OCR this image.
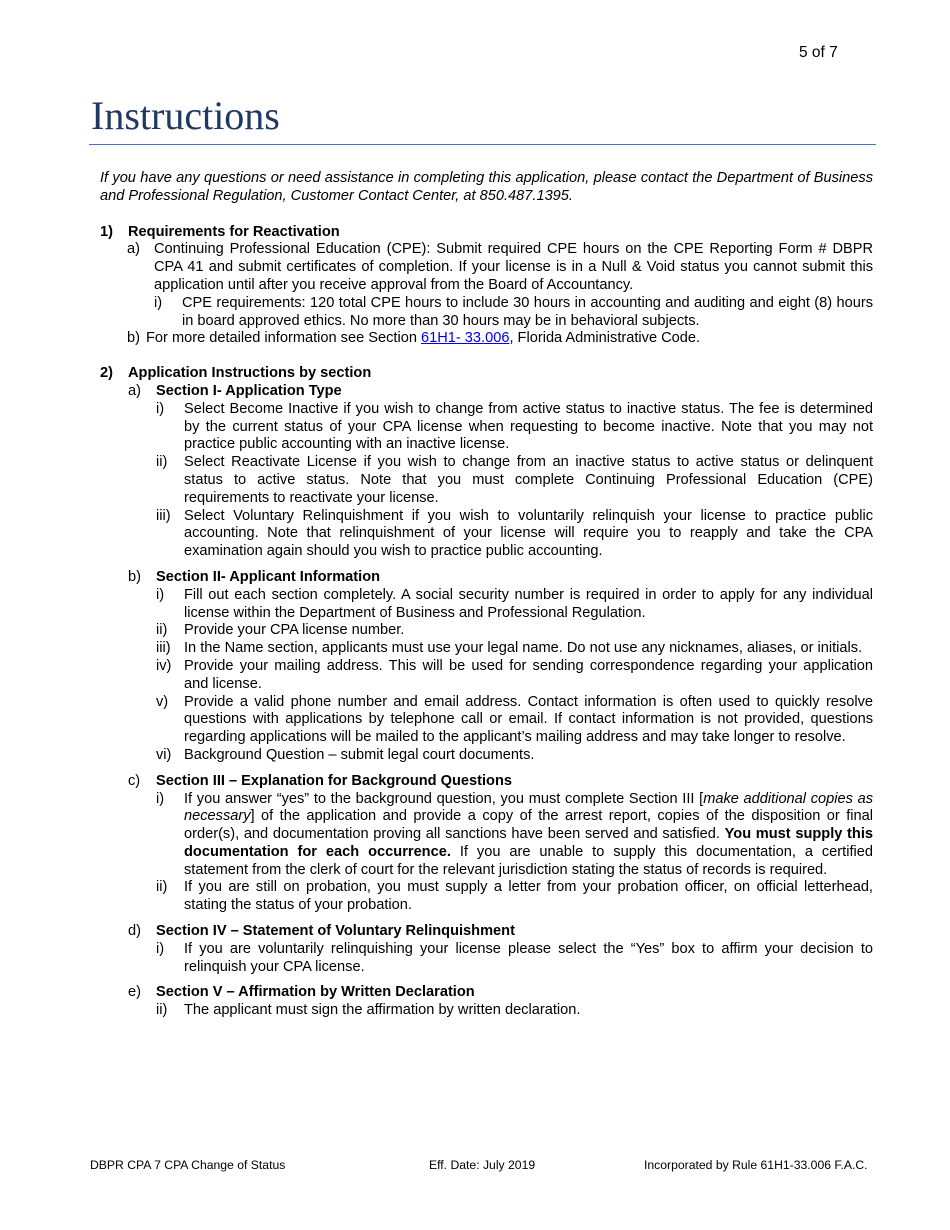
5 of 7
Instructions

If you have any questions or need assistance in completing this application, please contact the Department of Business and Professional Regulation, Customer Contact Center, at 850.487.1395.

1)	Requirements for Reactivation
a) Continuing Professional Education (CPE): Submit required CPE hours on the CPE Reporting Form # DBPR CPA 41 and submit certificates of completion. If your license is in a Null & Void status you cannot submit this application until after you receive approval from the Board of Accountancy.
i)	CPE requirements: 120 total CPE hours to include 30 hours in accounting and auditing and eight (8) hours in board approved ethics. No more than 30 hours may be in behavioral subjects.
b) For more detailed information see Section 61H1- 33.006, Florida Administrative Code.
2)	Application Instructions by section
a)	Section I- Application Type
i)	Select Become Inactive if you wish to change from active status to inactive status. The fee is determined by the current status of your CPA license when requesting to become inactive. Note that you may not practice public accounting with an inactive license.
ii)	Select Reactivate License if you wish to change from an inactive status to active status or delinquent status to active status. Note that you must complete Continuing Professional Education (CPE) requirements to reactivate your license.
iii) Select Voluntary Relinquishment if you wish to voluntarily relinquish your license to practice public accounting. Note that relinquishment of your license will require you to reapply and take the CPA examination again should you wish to practice public accounting.
b)	Section II- Applicant Information
i)	Fill out each section completely. A social security number is required in order to apply for any individual license within the Department of Business and Professional Regulation.
ii)	Provide your CPA license number.
iii) In the Name section, applicants must use your legal name. Do not use any nicknames, aliases, or initials.
iv) Provide your mailing address. This will be used for sending correspondence regarding your application and license.
v)	Provide a valid phone number and email address. Contact information is often used to quickly resolve questions with applications by telephone call or email. If contact information is not provided, questions regarding applications will be mailed to the applicant’s mailing address and may take longer to resolve.
vi) Background Question – submit legal court documents.
c)	Section III – Explanation for Background Questions
i)	If you answer “yes” to the background question, you must complete Section III [make additional copies as necessary] of the application and provide a copy of the arrest report, copies of the disposition or final order(s), and documentation proving all sanctions have been served and satisfied. You must supply this documentation for each occurrence. If you are unable to supply this documentation, a certified statement from the clerk of court for the relevant jurisdiction stating the status of records is required.
ii)	If you are still on probation, you must supply a letter from your probation officer, on official letterhead, stating the status of your probation.
d)	Section IV – Statement of Voluntary Relinquishment
i)	If you are voluntarily relinquishing your license please select the “Yes” box to affirm your decision to relinquish your CPA license.
e)	Section V – Affirmation by Written Declaration
ii)	The applicant must sign the affirmation by written declaration.
DBPR CPA 7 CPA Change of Status	Eff. Date: July 2019	Incorporated by Rule 61H1-33.006 F.A.C.
